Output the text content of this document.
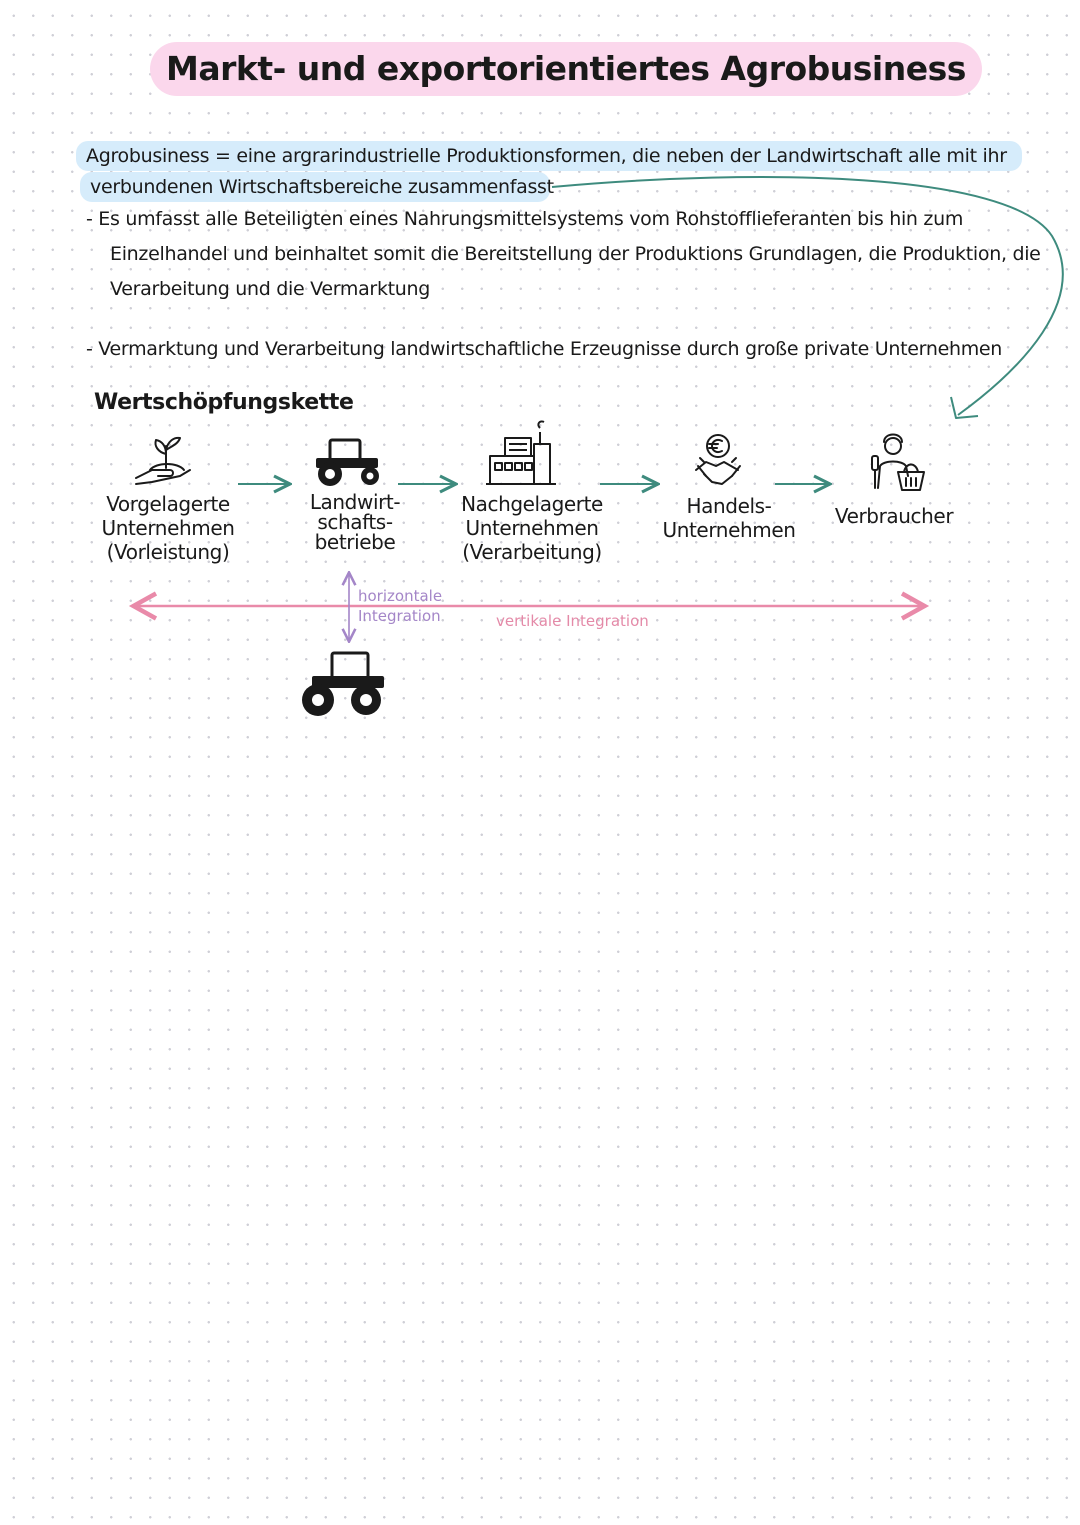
Markt- und exportorientiertes Agrobusiness
Agrobusiness = eine argrarindustrielle Produktionsformen, die neben der Landwirtschaft alle mit ihr
verbundenen Wirtschaftsbereiche zusammenfasst
- Es umfasst alle Beteiligten eines Nahrungsmittelsystems vom Rohstofflieferanten bis hin zum
Einzelhandel und beinhaltet somit die Bereitstellung der Produktions Grundlagen, die Produktion, die
Verarbeitung und die Vermarktung
- Vermarktung und Verarbeitung landwirtschaftliche Erzeugnisse durch große private Unternehmen
Wertschöpfungskette
Vorgelagerte
Unternehmen
(Vorleistung)
Landwirt-
schafts-
betriebe
Nachgelagerte
Unternehmen
(Verarbeitung)
Handels-
Unternehmen
Verbraucher
horizontale
Integration	vertikale Integration
